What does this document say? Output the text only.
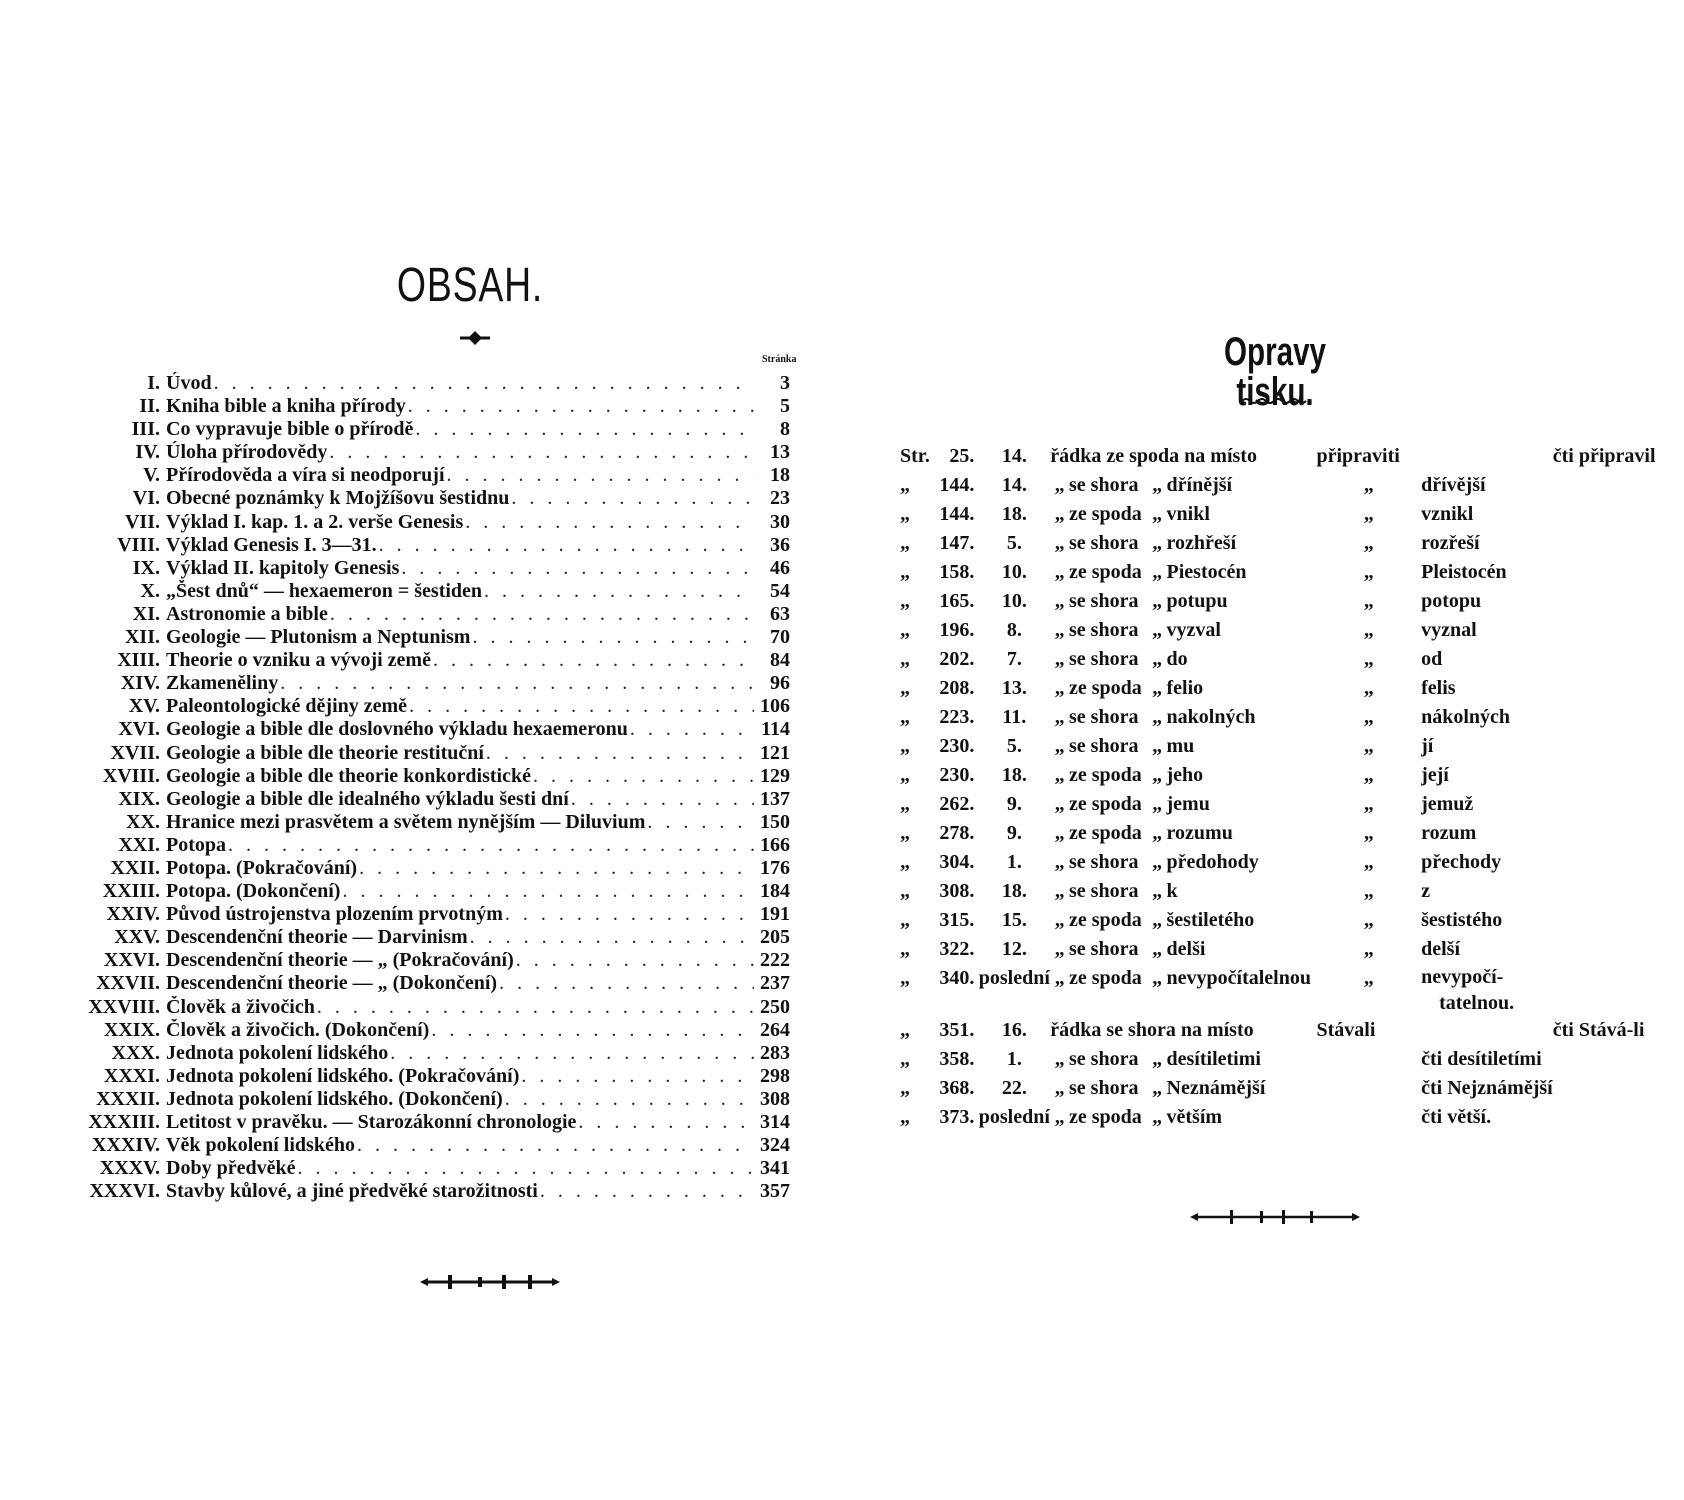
OBSAH.
Stránka
I. Úvod . . .	3
II. Kniha bible a kniha přírody . . .	5
III. Co vypravuje bible o přírodě . . .	8
IV. Úloha přírodovědy . . .	13
V. Přírodověda a víra si neodporují . . .	18
VI. Obecné poznámky k Mojžíšovu šestidnu . . .	23
VII. Výklad I. kap. 1. a 2. verše Genesis . . .	30
VIII. Výklad Genesis I. 3—31. . . .	36
IX. Výklad II. kapitoly Genesis . . .	46
X. „Šest dnů“ — hexaemeron = šestiden . . .	54
XI. Astronomie a bible . . .	63
XII. Geologie — Plutonism a Neptunism . . .	70
XIII. Theorie o vzniku a vývoji země . . .	84
XIV. Zkameněliny . . .	96
XV. Paleontologické dějiny země . . .	106
XVI. Geologie a bible dle doslovného výkladu hexaemeronu . . .	114
XVII. Geologie a bible dle theorie restituční . . .	121
XVIII. Geologie a bible dle theorie konkordistické . . .	129
XIX. Geologie a bible dle idealného výkladu šesti dní . . .	137
XX. Hranice mezi prasvětem a světem nynějším — Diluvium . . .	150
XXI. Potopa . . .	166
XXII. Potopa. (Pokračování) . . .	176
XXIII. Potopa. (Dokončení) . . .	184
XXIV. Původ ústrojenstva plozením prvotným . . .	191
XXV. Descendenční theorie — Darvinism . . .	205
XXVI. Descendenční theorie — „ (Pokračování) . . .	222
XXVII. Descendenční theorie — „ (Dokončení) . . .	237
XXVIII. Člověk a živočich . . .	250
XXIX. Člověk a živočich. (Dokončení) . . .	264
XXX. Jednota pokolení lidského . . .	283
XXXI. Jednota pokolení lidského. (Pokračování) . . .	298
XXXII. Jednota pokolení lidského. (Dokončení) . . .	308
XXXIII. Letitost v pravěku. — Starozákonní chronologie . . .	314
XXXIV. Věk pokolení lidského . . .	324
XXXV. Doby předvěké . . .	341
XXXVI. Stavby kůlové, a jiné předvěké starožitnosti . . .	357
Opravy tisku.
Str.	25.	14.	řádka ze spoda na místo				připraviti		čti připravil
„	144.	14.	„	se shora	„	dřínější	„	dřívější	
„	144.	18.	„	ze spoda	„	vnikl	„	vznikl	
„	147.	5.	„	se shora	„	rozhřeší	„	rozřeší	
„	158.	10.	„	ze spoda	„	Piestocén	„	Pleistocén	
„	165.	10.	„	se shora	„	potupu	„	potopu	
„	196.	8.	„	se shora	„	vyzval	„	vyznal	
„	202.	7.	„	se shora	„	do	„	od	
„	208.	13.	„	ze spoda	„	felio	„	felis	
„	223.	11.	„	se shora	„	nakolných	„	nákolných	
„	230.	5.	„	se shora	„	mu	„	jí	
„	230.	18.	„	ze spoda	„	jeho	„	její	
„	262.	9.	„	ze spoda	„	jemu	„	jemuž	
„	278.	9.	„	ze spoda	„	rozumu	„	rozum	
„	304.	1.	„	se shora	„	předohody	„	přechody	
„	308.	18.	„	se shora	„	k	„	z	
„	315.	15.	„	ze spoda	„	šestiletého	„	šestistého	
„	322.	12.	„	se shora	„	delši	„	delší	
„	340.	poslední	„	ze spoda	„	nevypočítalelnou	„	nevypočí-
tatelnou.	
„	351.	16.	řádka se shora na místo				Stávali		čti Stává-li
„	358.	1.	„	se shora	„	desítiletimi		čti desítiletími	
„	368.	22.	„	se shora	„	Neznámější		čti Nejznámější	
„	373.	poslední	„	ze spoda	„	větším		čti větší.	
